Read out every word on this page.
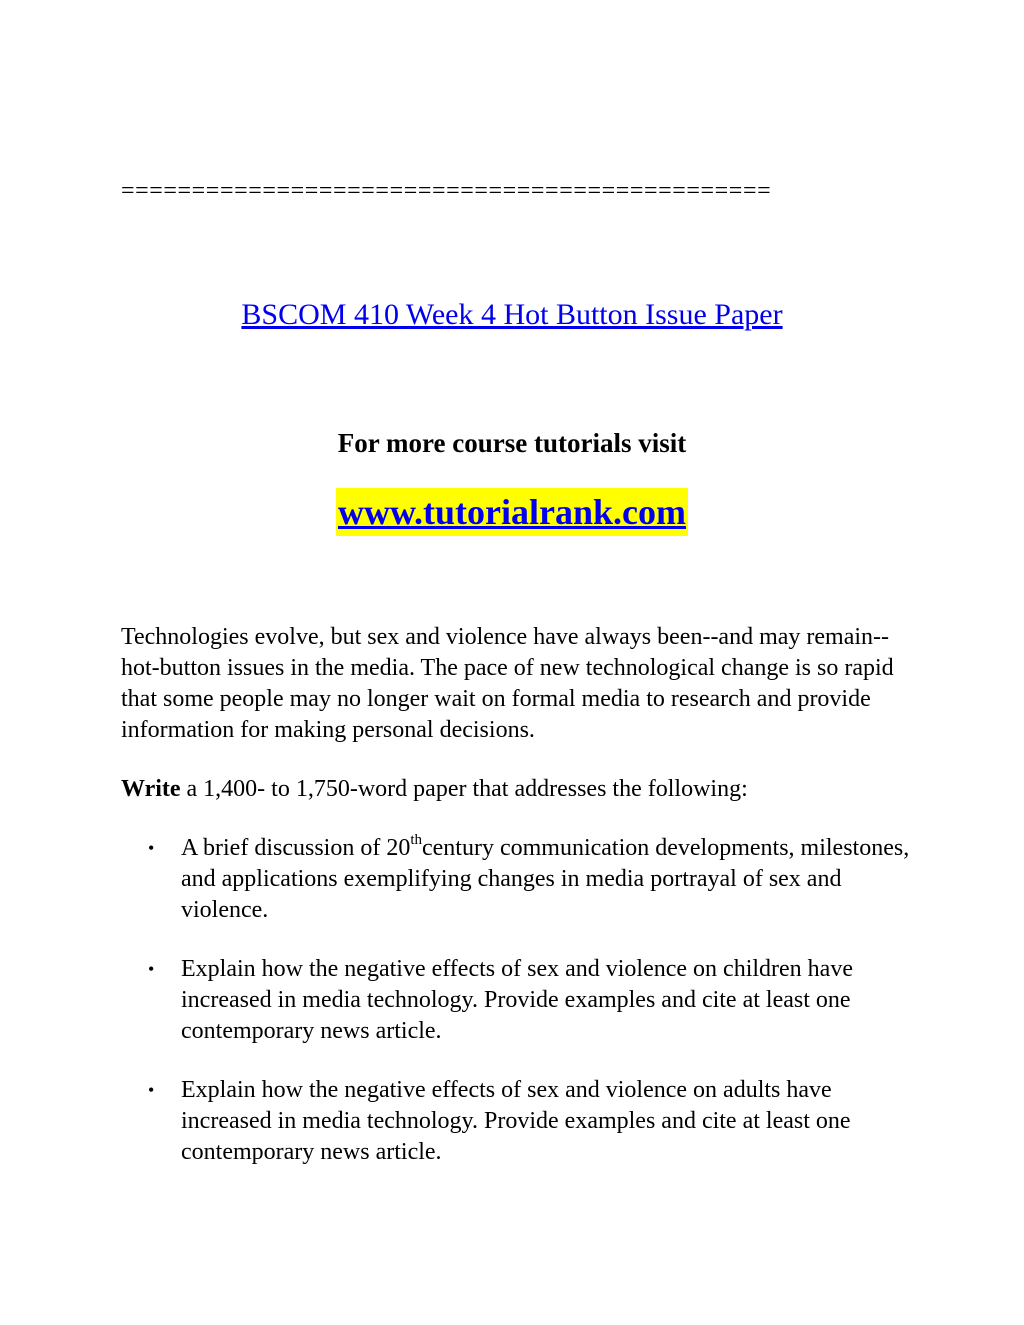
==============================================
BSCOM 410 Week 4 Hot Button Issue Paper
For more course tutorials visit
www.tutorialrank.com

Technologies evolve, but sex and violence have always been--and may remain--hot-button issues in the media. The pace of new technological change is so rapid that some people may no longer wait on formal media to research and provide information for making personal decisions.

Write a 1,400- to 1,750-word paper that addresses the following:

• A brief discussion of 20thcentury communication developments, milestones, and applications exemplifying changes in media portrayal of sex and violence.
• Explain how the negative effects of sex and violence on children have increased in media technology. Provide examples and cite at least one contemporary news article.
• Explain how the negative effects of sex and violence on adults have increased in media technology. Provide examples and cite at least one contemporary news article.
